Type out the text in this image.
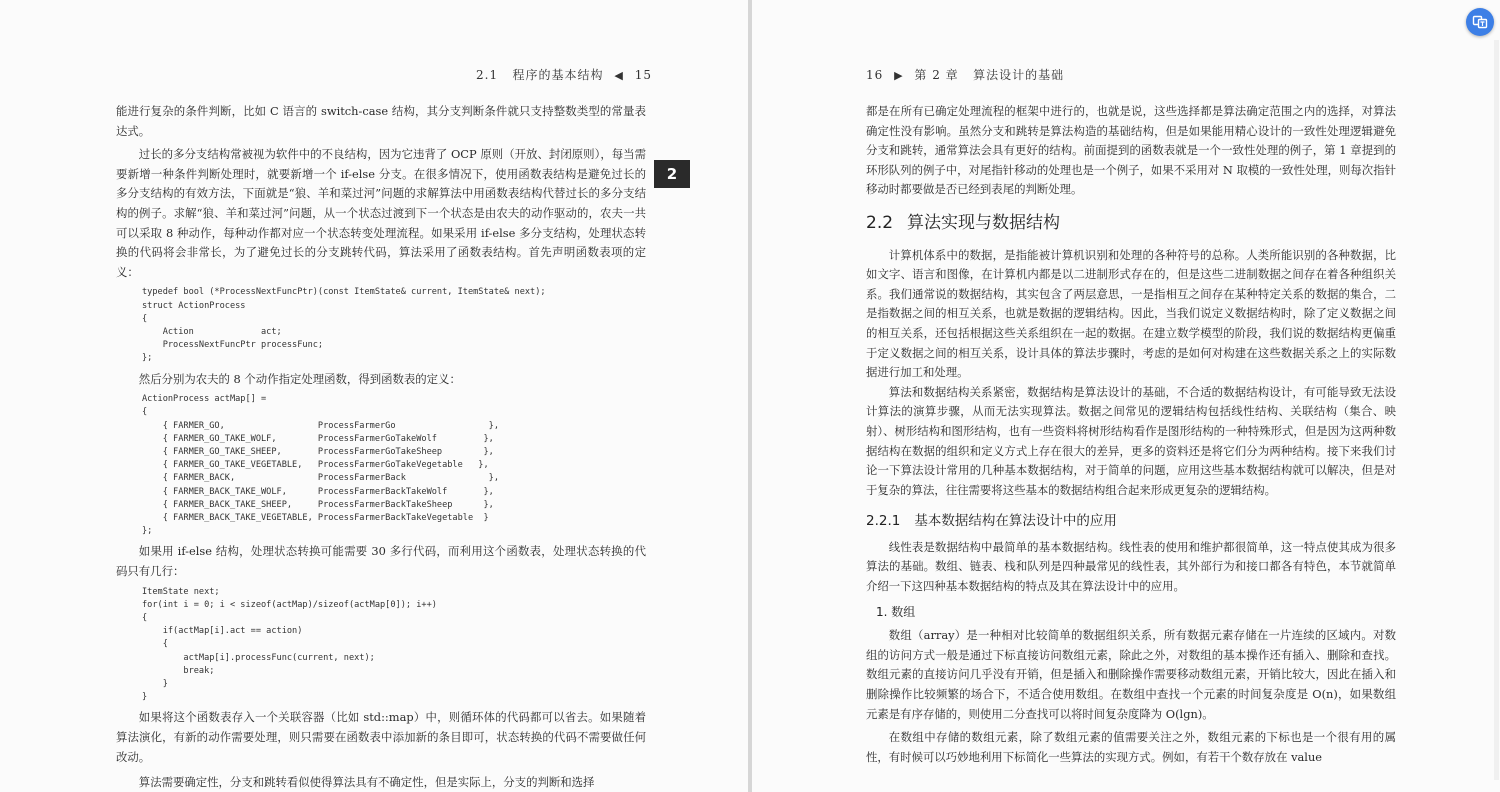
2.1 程序的基本结构 ◀ 15

能进行复杂的条件判断，比如 C 语言的 switch-case 结构，其分支判断条件就只支持整数类型的常量表达式。

过长的多分支结构常被视为软件中的不良结构，因为它违背了 OCP 原则（开放、封闭原则），每当需要新增一种条件判断处理时，就要新增一个 if-else 分支。在很多情况下，使用函数表结构是避免过长的多分支结构的有效方法，下面就是“狼、羊和菜过河”问题的求解算法中用函数表结构代替过长的多分支结构的例子。求解“狼、羊和菜过河”问题，从一个状态过渡到下一个状态是由农夫的动作驱动的，农夫一共可以采取 8 种动作，每种动作都对应一个状态转变处理流程。如果采用 if-else 多分支结构，处理状态转换的代码将会非常长，为了避免过长的分支跳转代码，算法采用了函数表结构。首先声明函数表项的定义：

typedef bool (*ProcessNextFuncPtr)(const ItemState& current, ItemState& next);
struct ActionProcess
{
Action             act;
ProcessNextFuncPtr processFunc;
};

然后分别为农夫的 8 个动作指定处理函数，得到函数表的定义：

ActionProcess actMap[] =
{
{ FARMER_GO,                  ProcessFarmerGo                  },
{ FARMER_GO_TAKE_WOLF,        ProcessFarmerGoTakeWolf         },
{ FARMER_GO_TAKE_SHEEP,       ProcessFarmerGoTakeSheep        },
{ FARMER_GO_TAKE_VEGETABLE,   ProcessFarmerGoTakeVegetable   },
{ FARMER_BACK,                ProcessFarmerBack                },
{ FARMER_BACK_TAKE_WOLF,      ProcessFarmerBackTakeWolf       },
{ FARMER_BACK_TAKE_SHEEP,     ProcessFarmerBackTakeSheep      },
{ FARMER_BACK_TAKE_VEGETABLE, ProcessFarmerBackTakeVegetable  }
};

如果用 if-else 结构，处理状态转换可能需要 30 多行代码，而利用这个函数表，处理状态转换的代码只有几行：

ItemState next;
for(int i = 0; i < sizeof(actMap)/sizeof(actMap[0]); i++)
{
if(actMap[i].act == action)
{
actMap[i].processFunc(current, next);
break;
}
}

如果将这个函数表存入一个关联容器（比如 std::map）中，则循环体的代码都可以省去。如果随着算法演化，有新的动作需要处理，则只需要在函数表中添加新的条目即可，状态转换的代码不需要做任何改动。

算法需要确定性，分支和跳转看似使得算法具有不确定性，但是实际上，分支的判断和选择

2
16 ▶ 第 2 章 算法设计的基础

都是在所有已确定处理流程的框架中进行的，也就是说，这些选择都是算法确定范围之内的选择，对算法确定性没有影响。虽然分支和跳转是算法构造的基础结构，但是如果能用精心设计的一致性处理逻辑避免分支和跳转，通常算法会具有更好的结构。前面提到的函数表就是一个一致性处理的例子，第 1 章提到的环形队列的例子中，对尾指针移动的处理也是一个例子，如果不采用对 N 取模的一致性处理，则每次指针移动时都要做是否已经到表尾的判断处理。

2.2 算法实现与数据结构

计算机体系中的数据，是指能被计算机识别和处理的各种符号的总称。人类所能识别的各种数据，比如文字、语言和图像，在计算机内都是以二进制形式存在的，但是这些二进制数据之间存在着各种组织关系。我们通常说的数据结构，其实包含了两层意思，一是指相互之间存在某种特定关系的数据的集合，二是指数据之间的相互关系，也就是数据的逻辑结构。因此，当我们说定义数据结构时，除了定义数据之间的相互关系，还包括根据这些关系组织在一起的数据。在建立数学模型的阶段，我们说的数据结构更偏重于定义数据之间的相互关系，设计具体的算法步骤时，考虑的是如何对构建在这些数据关系之上的实际数据进行加工和处理。

算法和数据结构关系紧密，数据结构是算法设计的基础，不合适的数据结构设计，有可能导致无法设计算法的演算步骤，从而无法实现算法。数据之间常见的逻辑结构包括线性结构、关联结构（集合、映射）、树形结构和图形结构，也有一些资料将树形结构看作是图形结构的一种特殊形式，但是因为这两种数据结构在数据的组织和定义方式上存在很大的差异，更多的资料还是将它们分为两种结构。接下来我们讨论一下算法设计常用的几种基本数据结构，对于简单的问题，应用这些基本数据结构就可以解决，但是对于复杂的算法，往往需要将这些基本的数据结构组合起来形成更复杂的逻辑结构。

2.2.1 基本数据结构在算法设计中的应用

线性表是数据结构中最简单的基本数据结构。线性表的使用和维护都很简单，这一特点使其成为很多算法的基础。数组、链表、栈和队列是四种最常见的线性表，其外部行为和接口都各有特色，本节就简单介绍一下这四种基本数据结构的特点及其在算法设计中的应用。

1. 数组

数组（array）是一种相对比较简单的数据组织关系，所有数据元素存储在一片连续的区域内。对数组的访问方式一般是通过下标直接访问数组元素，除此之外，对数组的基本操作还有插入、删除和查找。数组元素的直接访问几乎没有开销，但是插入和删除操作需要移动数组元素，开销比较大，因此在插入和删除操作比较频繁的场合下，不适合使用数组。在数组中查找一个元素的时间复杂度是 O(n)，如果数组元素是有序存储的，则使用二分查找可以将时间复杂度降为 O(lgn)。

在数组中存储的数组元素，除了数组元素的值需要关注之外，数组元素的下标也是一个很有用的属性，有时候可以巧妙地利用下标简化一些算法的实现方式。例如，有若干个数存放在 value
